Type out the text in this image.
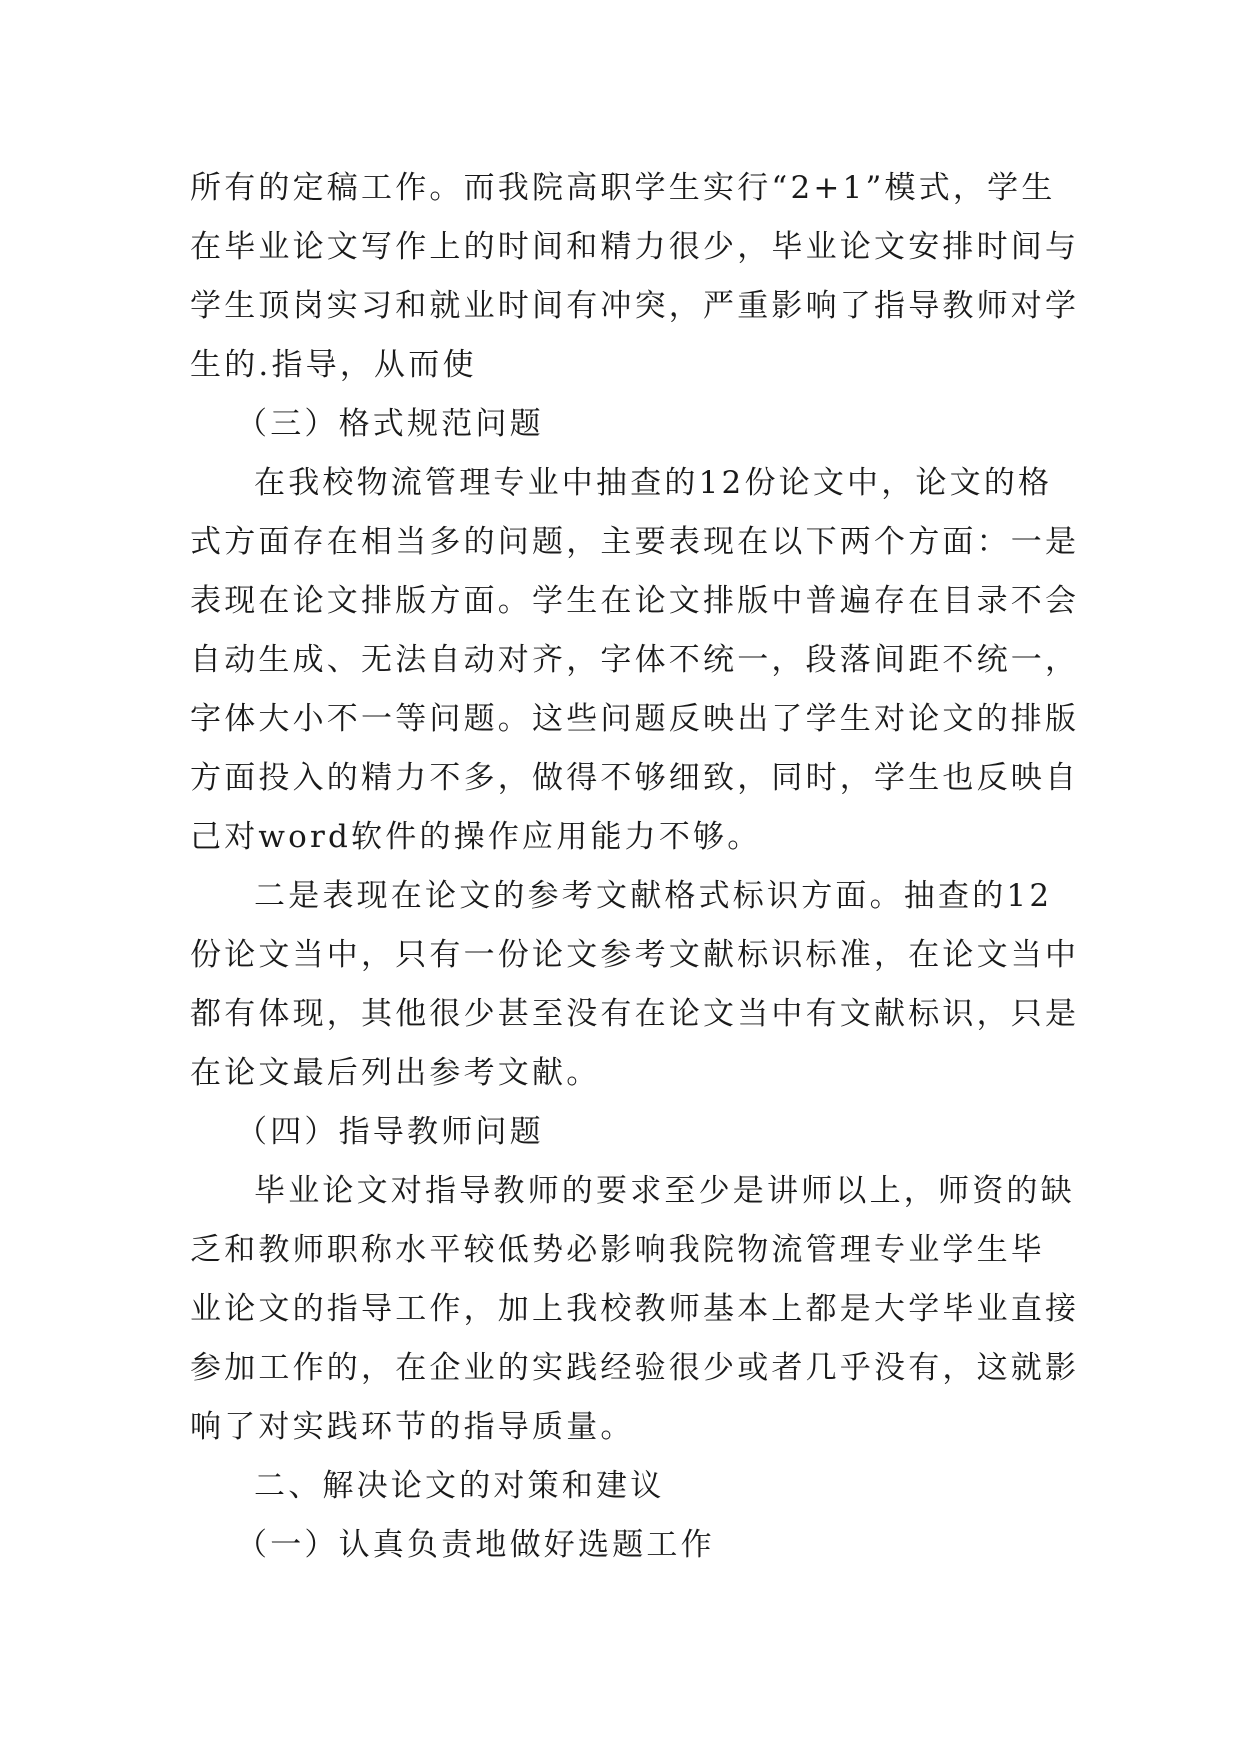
所有的定稿工作。而我院高职学生实行“2+1”模式，学生
在毕业论文写作上的时间和精力很少，毕业论文安排时间与
学生顶岗实习和就业时间有冲突，严重影响了指导教师对学
生的.指导，从而使
（三）格式规范问题
在我校物流管理专业中抽查的12份论文中，论文的格
式方面存在相当多的问题，主要表现在以下两个方面：一是
表现在论文排版方面。学生在论文排版中普遍存在目录不会
自动生成、无法自动对齐，字体不统一，段落间距不统一，
字体大小不一等问题。这些问题反映出了学生对论文的排版
方面投入的精力不多，做得不够细致，同时，学生也反映自
己对word软件的操作应用能力不够。
二是表现在论文的参考文献格式标识方面。抽查的12
份论文当中，只有一份论文参考文献标识标准，在论文当中
都有体现，其他很少甚至没有在论文当中有文献标识，只是
在论文最后列出参考文献。
（四）指导教师问题
毕业论文对指导教师的要求至少是讲师以上，师资的缺
乏和教师职称水平较低势必影响我院物流管理专业学生毕
业论文的指导工作，加上我校教师基本上都是大学毕业直接
参加工作的，在企业的实践经验很少或者几乎没有，这就影
响了对实践环节的指导质量。
二、解决论文的对策和建议
（一）认真负责地做好选题工作
